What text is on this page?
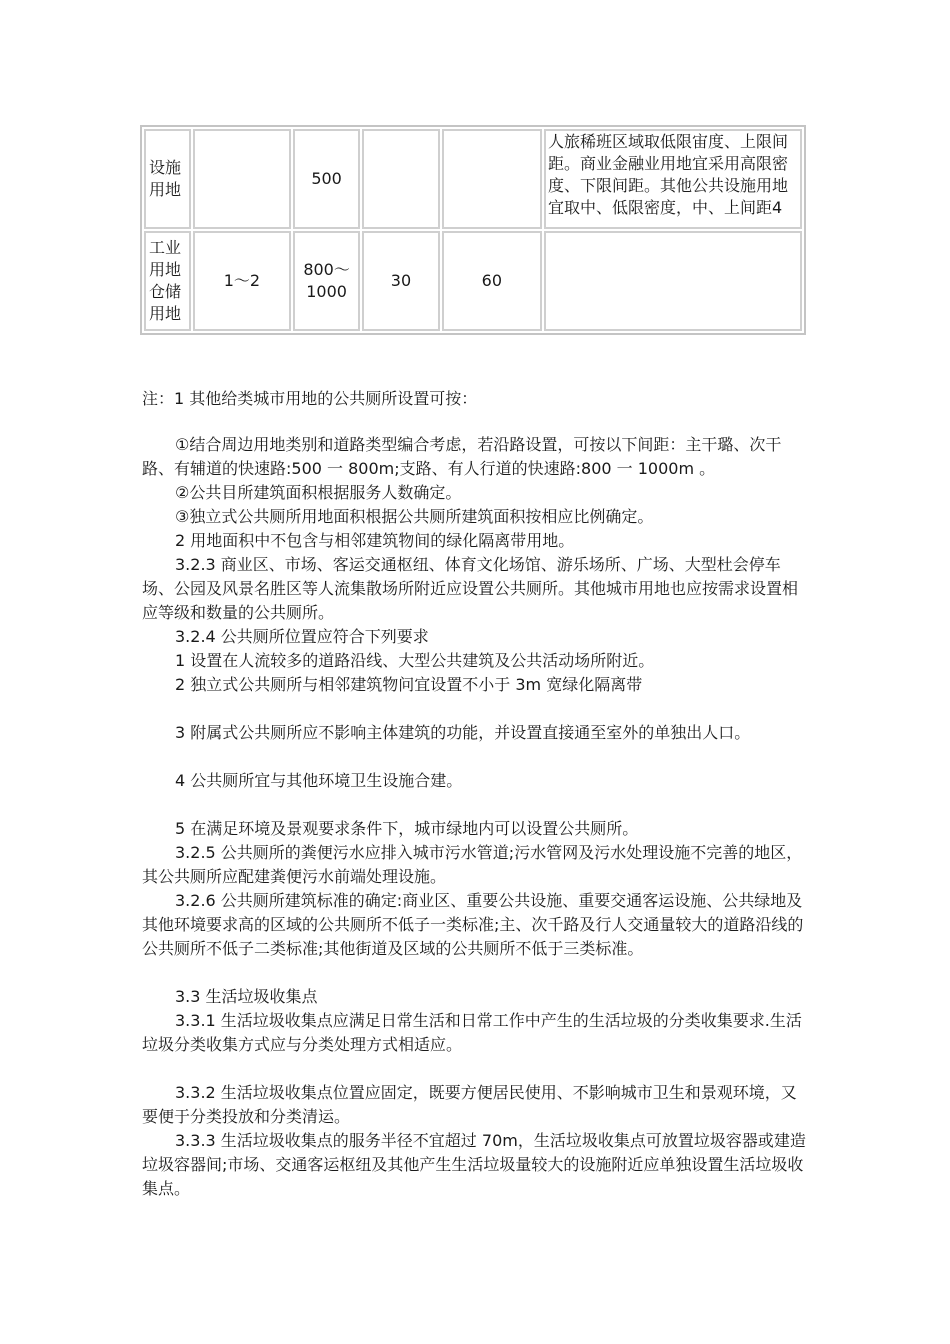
设施用地		500			人旅稀班区域取低限宙度、上限间距。商业金融业用地宜采用高限密度、下限间距。其他公共设施用地宜取中、低限密度，中、上间距4

工业用地仓储用地	1～2	800～1000	30	60	

注：1 其他给类城市用地的公共厕所设置可按：

①结合周边用地类别和道路类型编合考虑，若沿路设置，可按以下间距：主干璐、次干路、有辅道的快速路:500 一 800m;支路、有人行道的快速路:800 一 1000m 。

②公共目所建筑面积根据服务人数确定。

③独立式公共厕所用地面积根据公共厕所建筑面积按相应比例确定。

2 用地面积中不包含与相邻建筑物间的绿化隔离带用地。

3.2.3 商业区、市场、客运交通枢纽、体育文化场馆、游乐场所、广场、大型杜会停车场、公园及风景名胜区等人流集散场所附近应设置公共厕所。其他城市用地也应按需求设置相应等级和数量的公共厕所。

3.2.4 公共厕所位置应符合下列要求

1 设置在人流较多的道路沿线、大型公共建筑及公共活动场所附近。

2 独立式公共厕所与相邻建筑物问宜设置不小于 3m 宽绿化隔离带

3 附属式公共厕所应不影响主体建筑的功能，并设置直接通至室外的单独出人口。

4 公共厕所宜与其他环境卫生设施合建。

5 在满足环境及景观要求条件下，城市绿地内可以设置公共厕所。

3.2.5 公共厕所的粪便污水应排入城市污水管道;污水管网及污水处理设施不完善的地区，其公共厕所应配建粪便污水前端处理设施。

3.2.6 公共厕所建筑标准的确定:商业区、重要公共设施、重要交通客运设施、公共绿地及其他环境要求高的区域的公共厕所不低子一类标准;主、次千路及行人交通量较大的道路沿线的公共厕所不低子二类标准;其他街道及区域的公共厕所不低于三类标准。

3.3 生活垃圾收集点

3.3.1 生活垃圾收集点应满足日常生活和日常工作中产生的生活垃圾的分类收集要求.生活垃圾分类收集方式应与分类处理方式相适应。

3.3.2 生活垃圾收集点位置应固定，既要方便居民使用、不影响城市卫生和景观环境，又要便于分类投放和分类清运。

3.3.3 生活垃圾收集点的服务半径不宜超过 70m，生活垃圾收集点可放置垃圾容器或建造垃圾容器间;市场、交通客运枢纽及其他产生生活垃圾量较大的设施附近应单独设置生活垃圾收集点。
